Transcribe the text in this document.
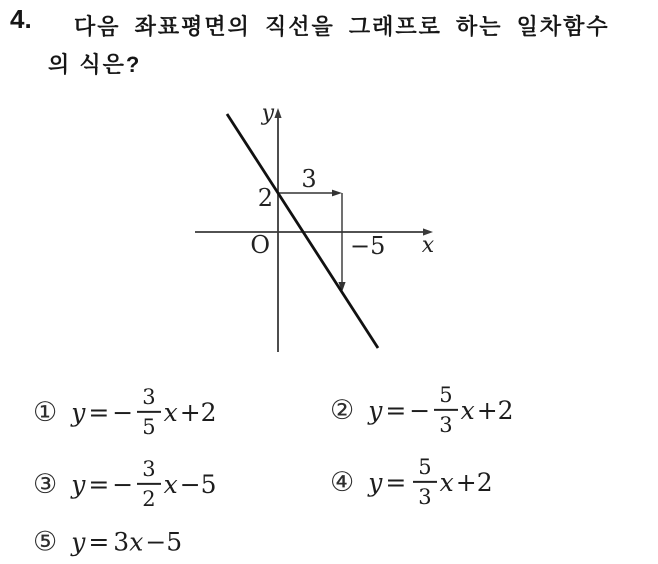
4. 다음 좌표평면의 직선을 그래프로 하는 일차함수
의 식은?
y
x
O
2
3
−5
① y = − $\frac{3}{5}$ x +2	② y = − $\frac{5}{3}$ x +2
③ y = − $\frac{3}{2}$ x −5	④ $y = \frac{5}{3}$ x +2
⑤ y = 3 x −5
